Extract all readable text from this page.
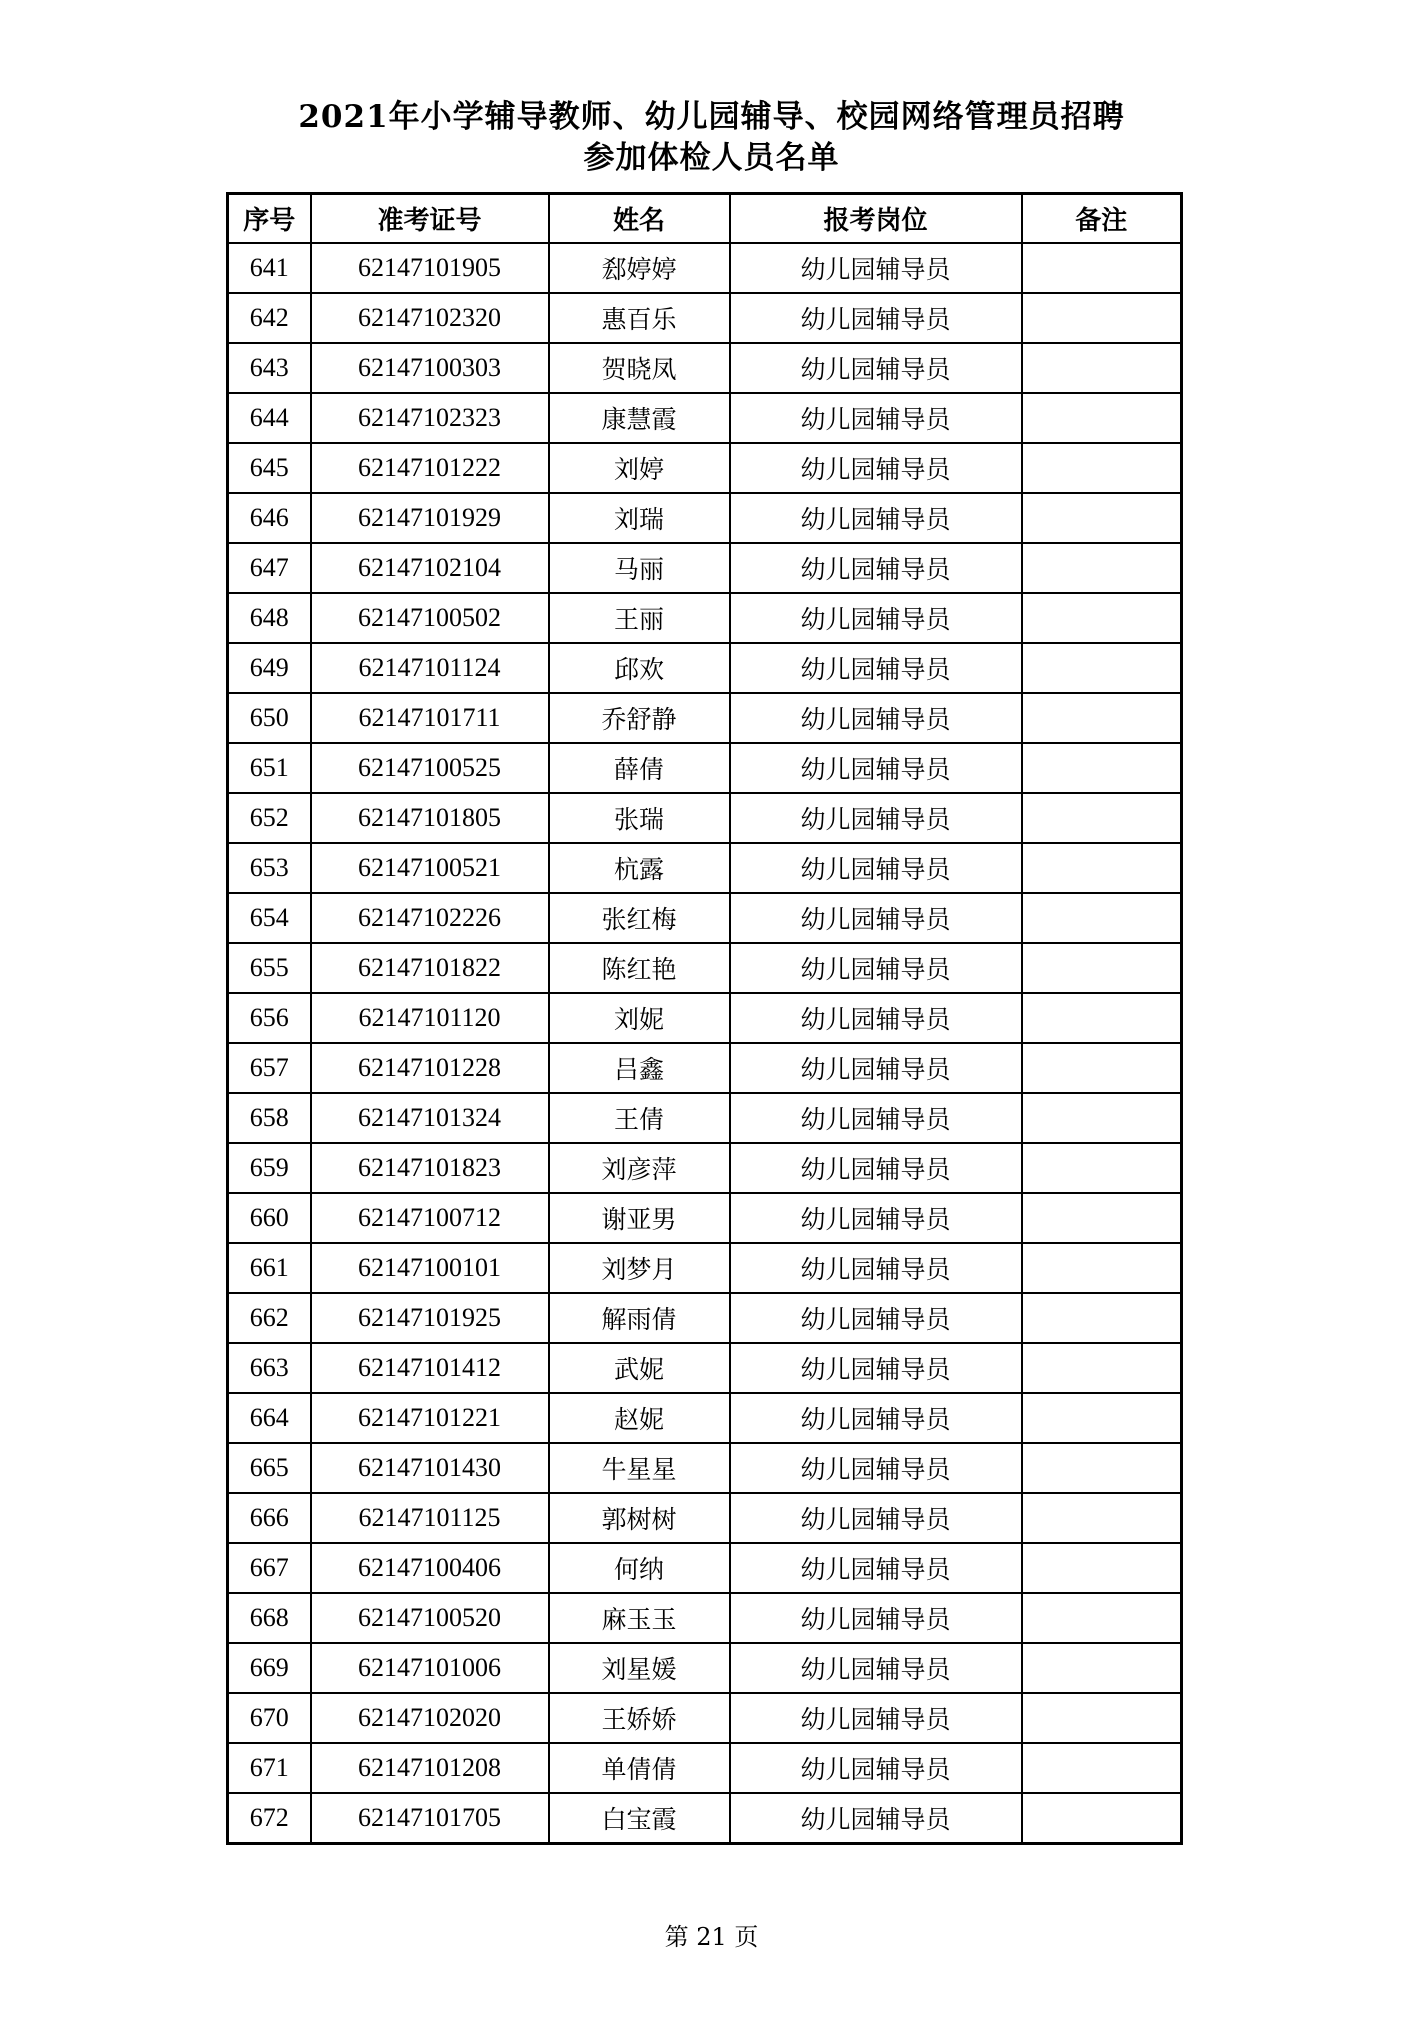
2021年小学辅导教师、幼儿园辅导、校园网络管理员招聘
参加体检人员名单
序号	准考证号	姓名	报考岗位	备注
641	62147101905	郄婷婷	幼儿园辅导员	
642	62147102320	惠百乐	幼儿园辅导员	
643	62147100303	贺晓凤	幼儿园辅导员	
644	62147102323	康慧霞	幼儿园辅导员	
645	62147101222	刘婷	幼儿园辅导员	
646	62147101929	刘瑞	幼儿园辅导员	
647	62147102104	马丽	幼儿园辅导员	
648	62147100502	王丽	幼儿园辅导员	
649	62147101124	邱欢	幼儿园辅导员	
650	62147101711	乔舒静	幼儿园辅导员	
651	62147100525	薛倩	幼儿园辅导员	
652	62147101805	张瑞	幼儿园辅导员	
653	62147100521	杭露	幼儿园辅导员	
654	62147102226	张红梅	幼儿园辅导员	
655	62147101822	陈红艳	幼儿园辅导员	
656	62147101120	刘妮	幼儿园辅导员	
657	62147101228	吕鑫	幼儿园辅导员	
658	62147101324	王倩	幼儿园辅导员	
659	62147101823	刘彦萍	幼儿园辅导员	
660	62147100712	谢亚男	幼儿园辅导员	
661	62147100101	刘梦月	幼儿园辅导员	
662	62147101925	解雨倩	幼儿园辅导员	
663	62147101412	武妮	幼儿园辅导员	
664	62147101221	赵妮	幼儿园辅导员	
665	62147101430	牛星星	幼儿园辅导员	
666	62147101125	郭树树	幼儿园辅导员	
667	62147100406	何纳	幼儿园辅导员	
668	62147100520	麻玉玉	幼儿园辅导员	
669	62147101006	刘星媛	幼儿园辅导员	
670	62147102020	王娇娇	幼儿园辅导员	
671	62147101208	单倩倩	幼儿园辅导员	
672	62147101705	白宝霞	幼儿园辅导员	
第 21 页
